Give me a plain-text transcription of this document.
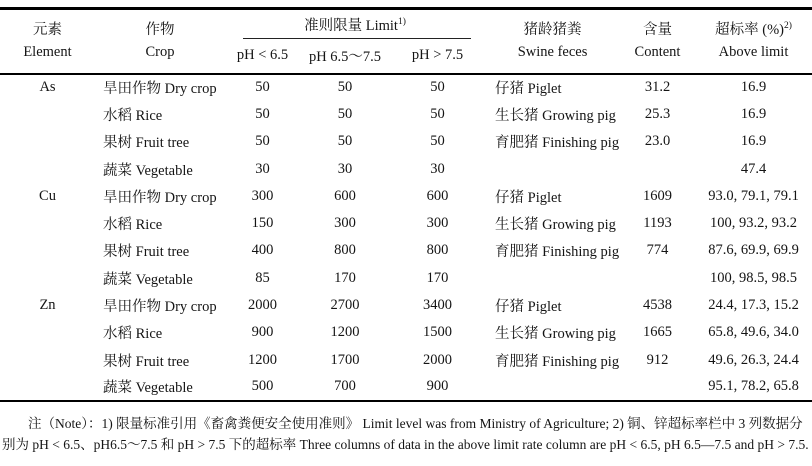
元素
Element

作物
Crop
	准则限量 Limit$^{1)}$

猪龄猪粪
Swine feces

含量
Content

超标率 (%)$^{2)}$
Above limit

		pH < 6.5	pH 6.5～7.5	pH > 7.5			
As	旱田作物 Dry crop	50	50	50	仔猪 Piglet	31.2	16.9
	水稻 Rice	50	50	50	生长猪 Growing pig	25.3	16.9
	果树 Fruit tree	50	50	50	育肥猪 Finishing pig	23.0	16.9
	蔬菜 Vegetable	30	30	30			47.4
Cu	旱田作物 Dry crop	300	600	600	仔猪 Piglet	1609	93.0, 79.1, 79.1
	水稻 Rice	150	300	300	生长猪 Growing pig	1193	100, 93.2, 93.2
	果树 Fruit tree	400	800	800	育肥猪 Finishing pig	774	87.6, 69.9, 69.9
	蔬菜 Vegetable	85	170	170			100, 98.5, 98.5
Zn	旱田作物 Dry crop	2000	2700	3400	仔猪 Piglet	4538	24.4, 17.3, 15.2
	水稻 Rice	900	1200	1500	生长猪 Growing pig	1665	65.8, 49.6, 34.0
	果树 Fruit tree	1200	1700	2000	育肥猪 Finishing pig	912	49.6, 26.3, 24.4
	蔬菜 Vegetable	500	700	900			95.1, 78.2, 65.8
注（Note）：1) 限量标准引用《畜禽粪便安全使用准则》 Limit level was from Ministry of Agriculture; 2) 铜、锌超标率栏中 3 列数据分
别为 pH < 6.5、pH6.5～7.5 和 pH > 7.5 下的超标率 Three columns of data in the above limit rate column are pH < 6.5, pH 6.5—7.5 and pH > 7.5.
